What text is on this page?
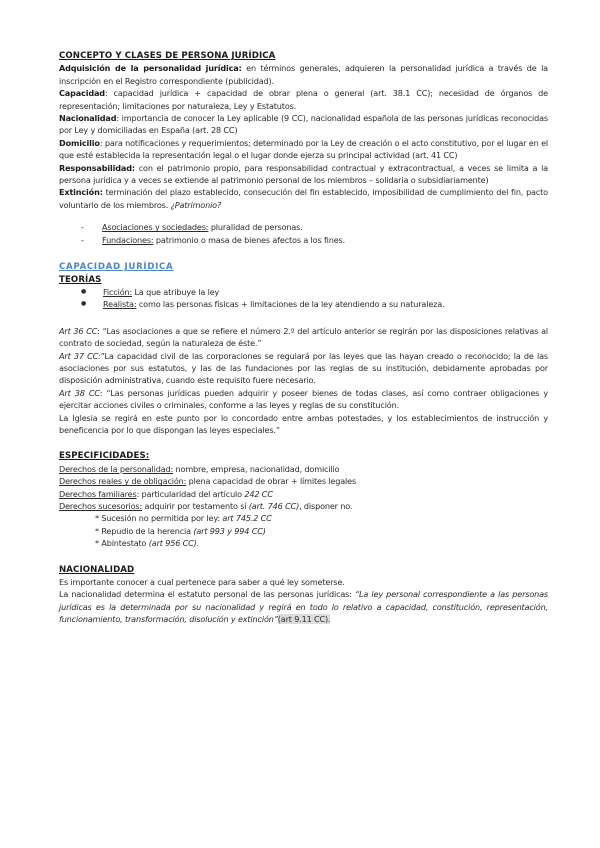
CONCEPTO Y CLASES DE PERSONA JURÍDICA

Adquisición de la personalidad jurídica: en términos generales, adquieren la personalidad jurídica a través de la inscripción en el Registro correspondiente (publicidad).

Capacidad: capacidad jurídica + capacidad de obrar plena o general (art. 38.1 CC); necesidad de órganos de representación; limitaciones por naturaleza, Ley y Estatutos.

Nacionalidad: importancia de conocer la Ley aplicable (9 CC), nacionalidad española de las personas jurídicas reconocidas por Ley y domiciliadas en España (art. 28 CC)

Domicilio: para notificaciones y requerimientos; determinado por la Ley de creación o el acto constitutivo, por el lugar en el que esté establecida la representación legal o el lugar donde ejerza su principal actividad (art. 41 CC)

Responsabilidad: con el patrimonio propio, para responsabilidad contractual y extracontractual, a veces se limita a la persona jurídica y a veces se extiende al patrimonio personal de los miembros – solidaria o subsidiariamente)

Extinción: terminación del plazo establecido, consecución del fin establecido, imposibilidad de cumplimiento del fin, pacto voluntario de los miembros. ¿Patrimonio?

- Asociaciones y sociedades: pluralidad de personas.
- Fundaciones: patrimonio o masa de bienes afectos a los fines.

CAPACIDAD JURÍDICA

TEORÍAS

● Ficción: La que atribuye la ley
● Realista: como las personas físicas + limitaciones de la ley atendiendo a su naturaleza.

Art 36 CC: “Las asociaciones a que se refiere el número 2.º del artículo anterior se regirán por las disposiciones relativas al contrato de sociedad, según la naturaleza de éste.”

Art 37 CC:“La capacidad civil de las corporaciones se regulará por las leyes que las hayan creado o reconocido; la de las asociaciones por sus estatutos, y las de las fundaciones por las reglas de su institución, debidamente aprobadas por disposición administrativa, cuando este requisito fuere necesario.

Art 38 CC: “Las personas jurídicas pueden adquirir y poseer bienes de todas clases, así como contraer obligaciones y ejercitar acciones civiles o criminales, conforme a las leyes y reglas de su constitución.

La Iglesia se regirá en este punto por lo concordado entre ambas potestades, y los establecimientos de instrucción y beneficencia por lo que dispongan las leyes especiales.”

ESPECIFICIDADES:

Derechos de la personalidad: nombre, empresa, nacionalidad, domicilio

Derechos reales y de obligación: plena capacidad de obrar + límites legales

Derechos familiares: particularidad del artículo 242 CC

Derechos sucesorios: adquirir por testamento sí (art. 746 CC), disponer no.

* Sucesión no permitida por ley: art 745.2 CC

* Repudio de la herencia (art 993 y 994 CC)

* Abintestato (art 956 CC).

NACIONALIDAD

Es importante conocer a cual pertenece para saber a qué ley someterse.

La nacionalidad determina el estatuto personal de las personas jurídicas: “La ley personal correspondiente a las personas jurídicas es la determinada por su nacionalidad y regirá en todo lo relativo a capacidad, constitución, representación, funcionamiento, transformación, disolución y extinción”(art 9.11 CC).
